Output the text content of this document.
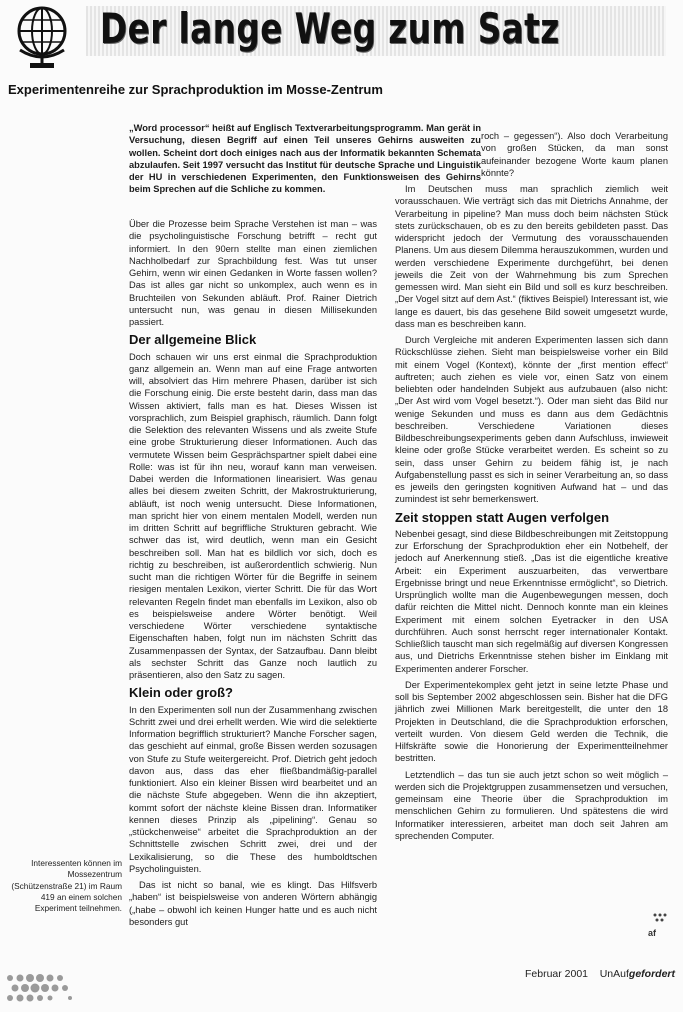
Der lange Weg zum Satz
Experimentenreihe zur Sprachproduktion im Mosse-Zentrum
„Word processor“ heißt auf Englisch Textverarbeitungsprogramm. Man gerät in Versuchung, diesen Begriff auf einen Teil unseres Gehirns ausweiten zu wollen. Scheint dort doch einiges nach aus der Informatik bekannten Schemata abzulaufen. Seit 1997 versucht das Institut für deutsche Sprache und Linguistik der HU in verschiedenen Experimenten, den Funktionsweisen des Gehirns beim Sprechen auf die Schliche zu kommen.

Über die Prozesse beim Sprache Verstehen ist man – was die psycholinguistische Forschung betrifft – recht gut informiert. In den 90ern stellte man einen ziemlichen Nachholbedarf zur Sprachbildung fest. Was tut unser Gehirn, wenn wir einen Gedanken in Worte fassen wollen? Das ist alles gar nicht so unkomplex, auch wenn es in Bruchteilen von Sekunden abläuft. Prof. Rainer Dietrich untersucht nun, was genau in diesen Millisekunden passiert.

Der allgemeine Blick

Doch schauen wir uns erst einmal die Sprachproduktion ganz allgemein an. Wenn man auf eine Frage antworten will, absolviert das Hirn mehrere Phasen, darüber ist sich die Forschung einig. Die erste besteht darin, dass man das Wissen aktiviert, falls man es hat. Dieses Wissen ist vorsprachlich, zum Beispiel graphisch, räumlich. Dann folgt die Selektion des relevanten Wissens und als zweite Stufe eine grobe Strukturierung dieser Informationen. Auch das vermutete Wissen beim Gesprächspartner spielt dabei eine Rolle: was ist für ihn neu, worauf kann man verweisen. Dabei werden die Informationen linearisiert. Was genau alles bei diesem zweiten Schritt, der Makrostrukturierung, abläuft, ist noch wenig untersucht. Diese Informationen, man spricht hier von einem mentalen Modell, werden nun im dritten Schritt auf begriffliche Strukturen gebracht. Wie schwer das ist, wird deutlich, wenn man ein Gesicht beschreiben soll. Man hat es bildlich vor sich, doch es richtig zu beschreiben, ist außerordentlich schwierig. Nun sucht man die richtigen Wörter für die Begriffe in seinem riesigen mentalen Lexikon, vierter Schritt. Die für das Wort relevanten Regeln findet man ebenfalls im Lexikon, also ob es beispielsweise andere Wörter benötigt. Weil verschiedene Wörter verschiedene syntaktische Eigenschaften haben, folgt nun im nächsten Schritt das Zusammenpassen der Syntax, der Satzaufbau. Dann bleibt als sechster Schritt das Ganze noch lautlich zu präsentieren, also den Satz zu sagen.

Klein oder groß?

In den Experimenten soll nun der Zusammenhang zwischen Schritt zwei und drei erhellt werden. Wie wird die selektierte Information begrifflich strukturiert? Manche Forscher sagen, das geschieht auf einmal, große Bissen werden sozusagen von Stufe zu Stufe weitergereicht. Prof. Dietrich geht jedoch davon aus, dass das eher fließbandmäßig-parallel funktioniert. Also ein kleiner Bissen wird bearbeitet und an die nächste Stufe abgegeben. Wenn die ihn akzeptiert, kommt sofort der nächste kleine Bissen dran. Informatiker kennen dieses Prinzip als „pipelining“. Genau so „stückchenweise“ arbeitet die Sprachproduktion an der Schnittstelle zwischen Schritt zwei, drei und der Lexikalisierung, so die These des humboldtschen Psycholinguisten.

Das ist nicht so banal, wie es klingt. Das Hilfsverb „haben“ ist beispielsweise von anderen Wörtern abhängig („habe – obwohl ich keinen Hunger hatte und es auch nicht besonders gut

roch – gegessen“). Also doch Verarbeitung von großen Stücken, da man sonst aufeinander bezogene Worte kaum planen könnte?

Im Deutschen muss man sprachlich ziemlich weit vorausschauen. Wie verträgt sich das mit Dietrichs Annahme, der Verarbeitung in pipeline? Man muss doch beim nächsten Stück stets zurückschauen, ob es zu den bereits gebildeten passt. Das widerspricht jedoch der Vermutung des vorausschauenden Planens. Um aus diesem Dilemma herauszukommen, wurden und werden verschiedene Experimente durchgeführt, bei denen jeweils die Zeit von der Wahrnehmung bis zum Sprechen gemessen wird. Man sieht ein Bild und soll es kurz beschreiben. „Der Vogel sitzt auf dem Ast.“ (fiktives Beispiel) Interessant ist, wie lange es dauert, bis das gesehene Bild soweit umgesetzt wurde, dass man es beschreiben kann.

Durch Vergleiche mit anderen Experimenten lassen sich dann Rückschlüsse ziehen. Sieht man beispielsweise vorher ein Bild mit einem Vogel (Kontext), könnte der „first mention effect“ auftreten; auch ziehen es viele vor, einen Satz von einem beliebten oder handelnden Subjekt aus aufzubauen (also nicht: „Der Ast wird vom Vogel besetzt.“). Oder man sieht das Bild nur wenige Sekunden und muss es dann aus dem Gedächtnis beschreiben. Verschiedene Variationen dieses Bildbeschreibungsexperiments geben dann Aufschluss, inwieweit kleine oder große Stücke verarbeitet werden. Es scheint so zu sein, dass unser Gehirn zu beidem fähig ist, je nach Aufgabenstellung passt es sich in seiner Verarbeitung an, so dass es jeweils den geringsten kognitiven Aufwand hat – und das zumindest ist sehr bemerkenswert.

Zeit stoppen statt Augen verfolgen

Nebenbei gesagt, sind diese Bildbeschreibungen mit Zeitstoppung zur Erforschung der Sprachproduktion eher ein Notbehelf, der jedoch auf Anerkennung stieß. „Das ist die eigentliche kreative Arbeit: ein Experiment auszuarbeiten, das verwertbare Ergebnisse bringt und neue Erkenntnisse ermöglicht“, so Dietrich. Ursprünglich wollte man die Augenbewegungen messen, doch dafür reichten die Mittel nicht. Dennoch konnte man ein kleines Experiment mit einem solchen Eyetracker in den USA durchführen. Auch sonst herrscht reger internationaler Kontakt. Schließlich tauscht man sich regelmäßig auf diversen Kongressen aus, und Dietrichs Erkenntnisse stehen bisher im Einklang mit Experimenten anderer Forscher.

Der Experimentekomplex geht jetzt in seine letzte Phase und soll bis September 2002 abgeschlossen sein. Bisher hat die DFG jährlich zwei Millionen Mark bereitgestellt, die unter den 18 Projekten in Deutschland, die die Sprachproduktion erforschen, verteilt wurden. Von diesem Geld werden die Technik, die Hilfskräfte sowie die Honorierung der Experimentteilnehmer bestritten.

Letztendlich – das tun sie auch jetzt schon so weit möglich – werden sich die Projektgruppen zusammensetzen und versuchen, gemeinsam eine Theorie über die Sprachproduktion im menschlichen Gehirn zu formulieren. Und spätestens die wird Informatiker interessieren, arbeitet man doch seit Jahren am sprechenden Computer.

af
Interessenten können im Mossezentrum (Schützenstraße 21) im Raum 419 an einem solchen Experiment teilnehmen.
Februar 2001 UnAufgefordert
